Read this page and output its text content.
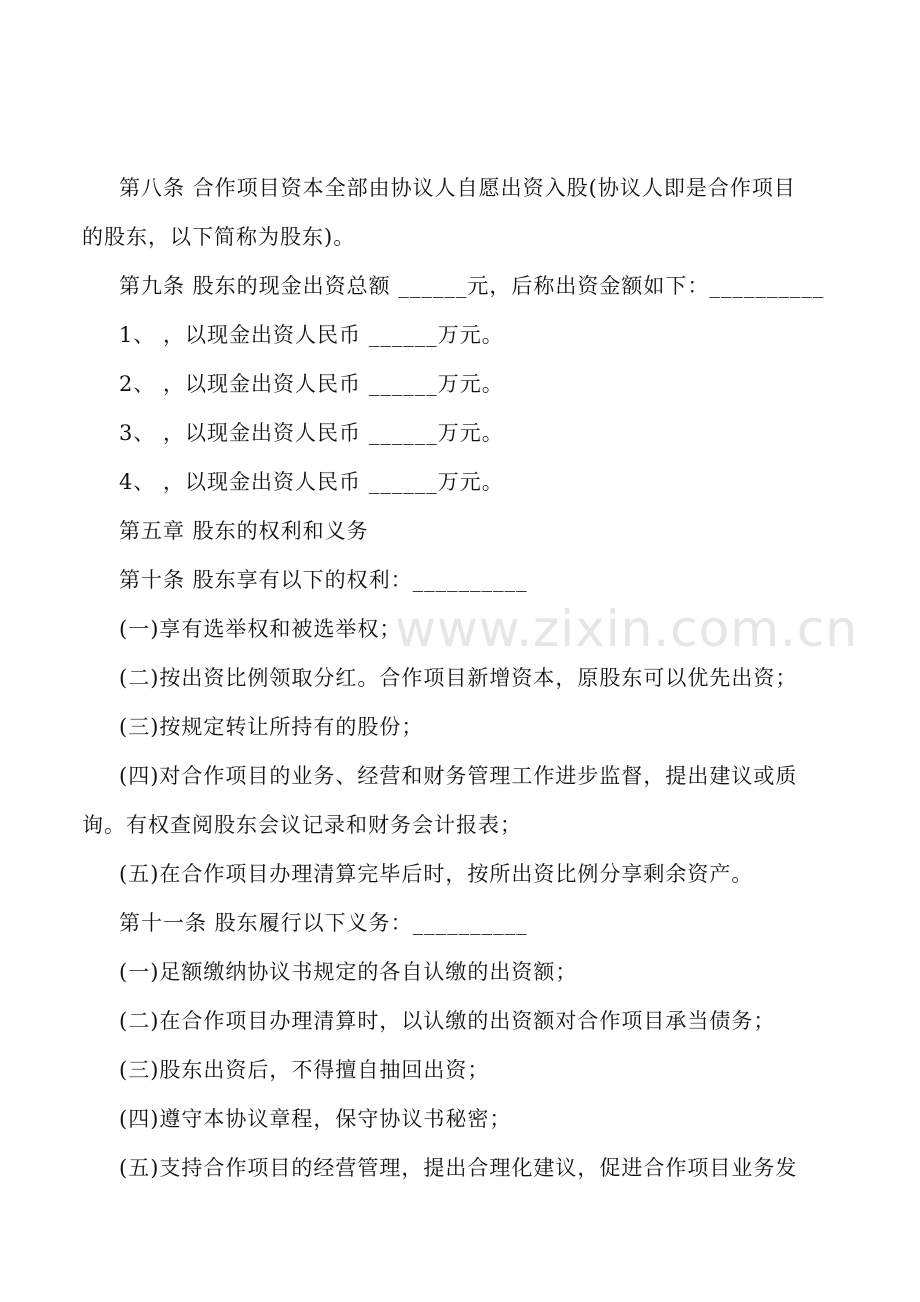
www.zixin.com.cn
第八条 合作项目资本全部由协议人自愿出资入股(协议人即是合作项目
的股东，以下简称为股东)。
第九条 股东的现金出资总额 ______元，后称出资金额如下：__________
1、 ，以现金出资人民币 ______万元。
2、 ，以现金出资人民币 ______万元。
3、 ，以现金出资人民币 ______万元。
4、 ，以现金出资人民币 ______万元。
第五章 股东的权利和义务
第十条 股东享有以下的权利：__________
(一)享有选举权和被选举权；
(二)按出资比例领取分红。合作项目新增资本，原股东可以优先出资；
(三)按规定转让所持有的股份；
(四)对合作项目的业务、经营和财务管理工作进步监督，提出建议或质
询。有权查阅股东会议记录和财务会计报表；
(五)在合作项目办理清算完毕后时，按所出资比例分享剩余资产。
第十一条 股东履行以下义务：__________
(一)足额缴纳协议书规定的各自认缴的出资额；
(二)在合作项目办理清算时，以认缴的出资额对合作项目承当债务；
(三)股东出资后，不得擅自抽回出资；
(四)遵守本协议章程，保守协议书秘密；
(五)支持合作项目的经营管理，提出合理化建议，促进合作项目业务发
